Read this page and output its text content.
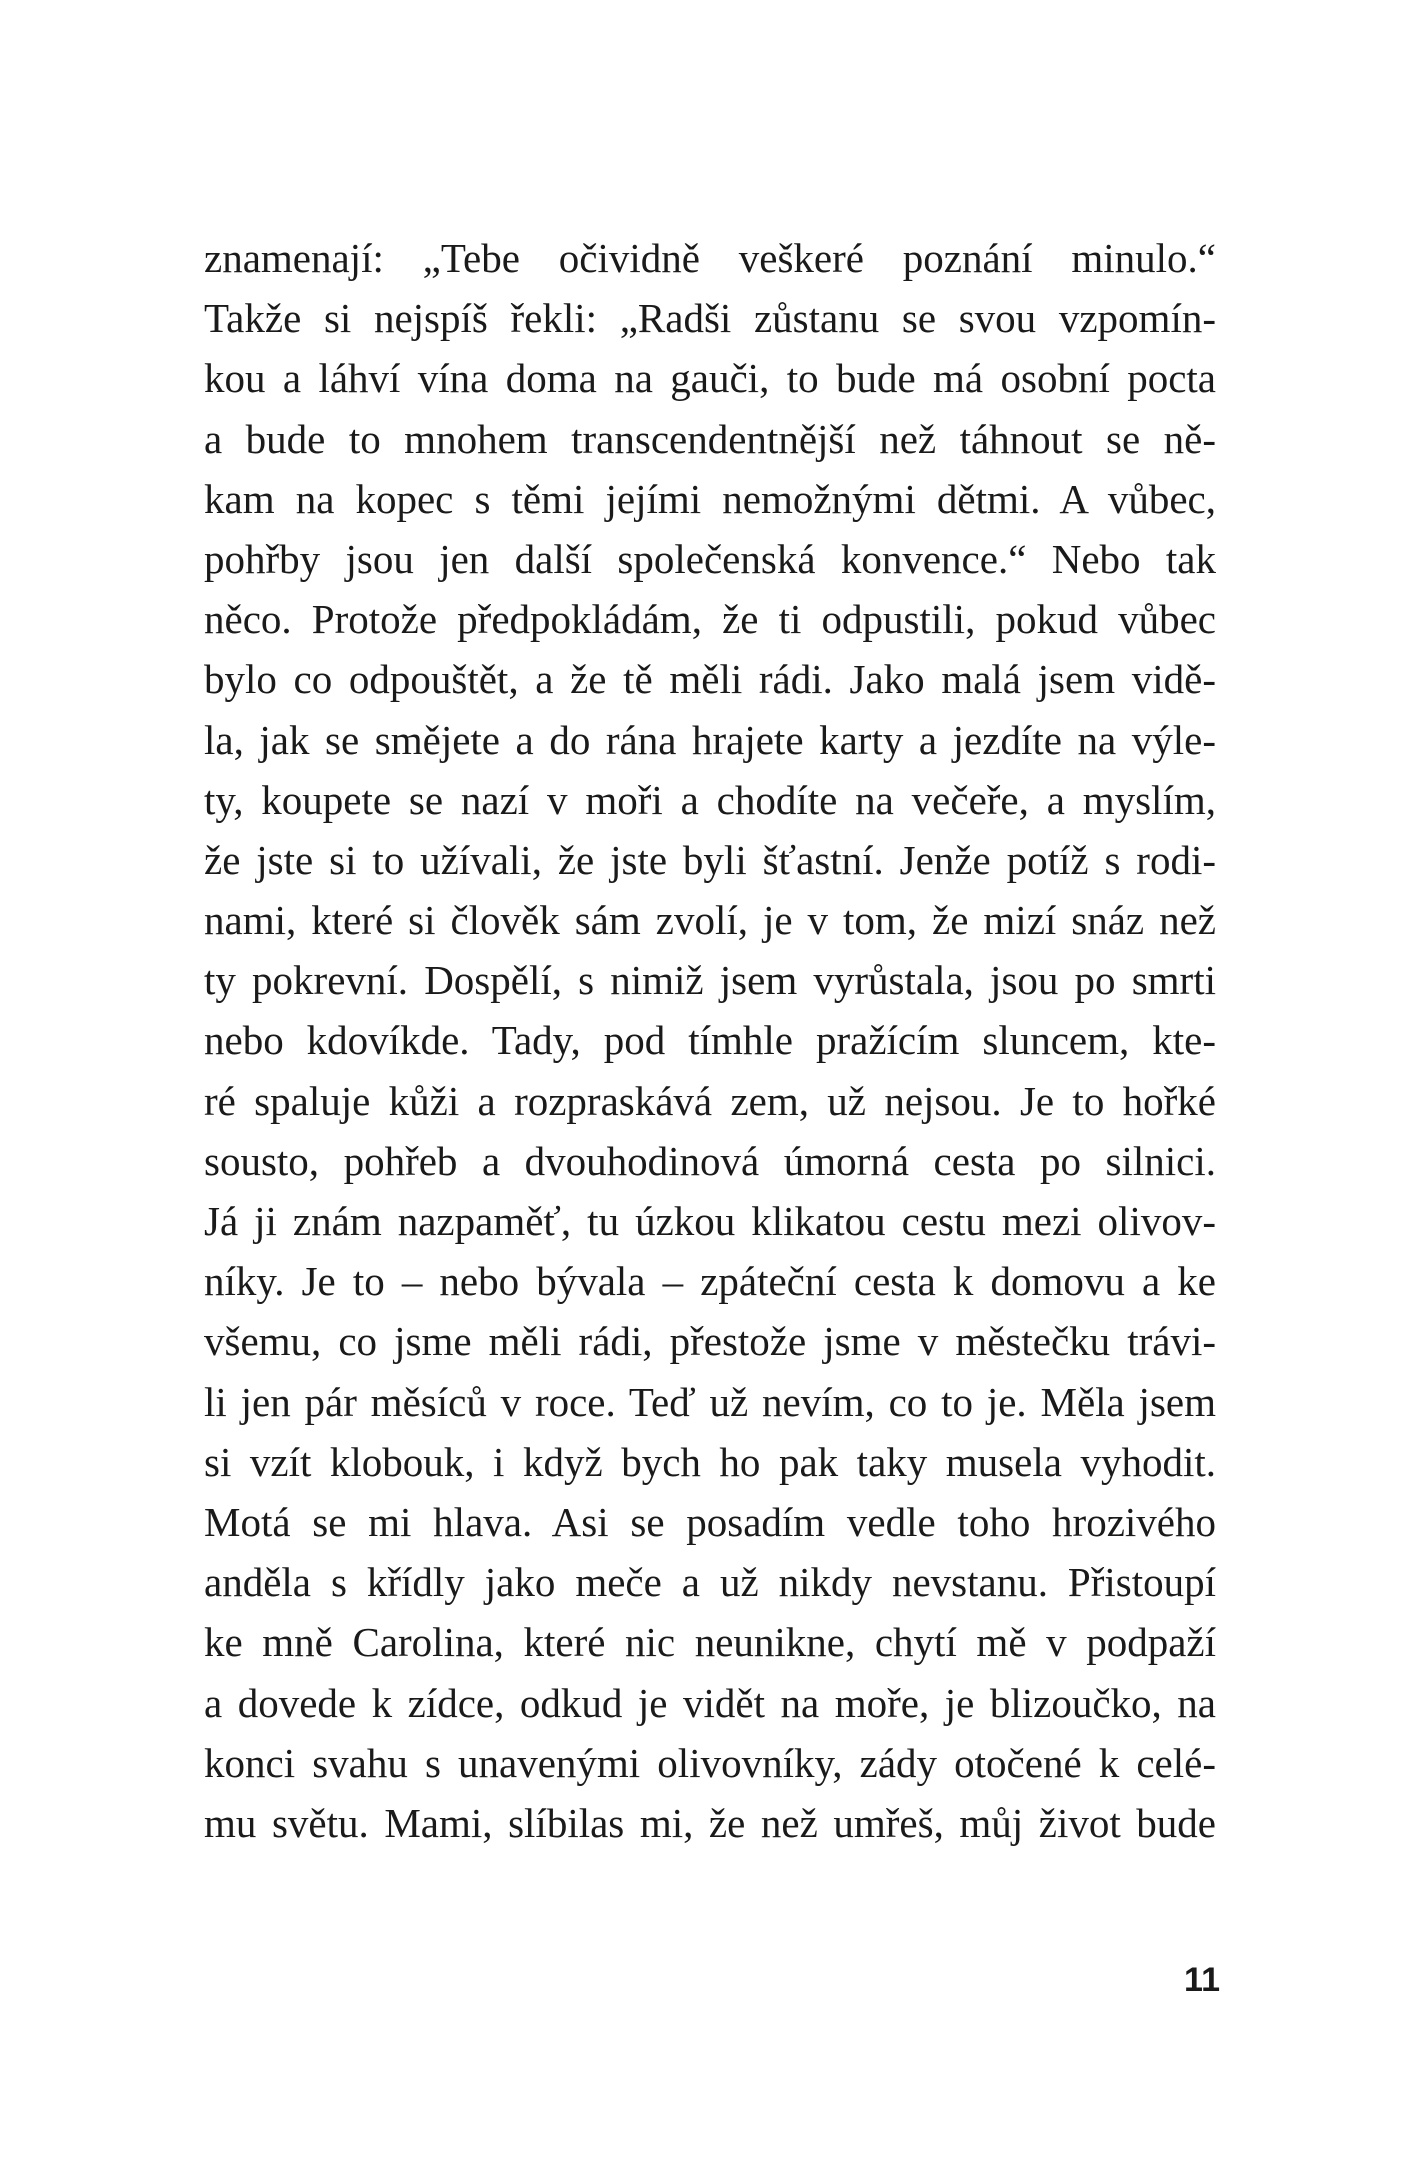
znamenají: „Tebe očividně veškeré poznání minulo.“
Takže si nejspíš řekli: „Radši zůstanu se svou vzpomín-
kou a láhví vína doma na gauči, to bude má osobní pocta
a bude to mnohem transcendentnější než táhnout se ně-
kam na kopec s těmi jejími nemožnými dětmi. A vůbec,
pohřby jsou jen další společenská konvence.“ Nebo tak
něco. Protože předpokládám, že ti odpustili, pokud vůbec
bylo co odpouštět, a že tě měli rádi. Jako malá jsem vidě-
la, jak se smějete a do rána hrajete karty a jezdíte na výle-
ty, koupete se nazí v moři a chodíte na večeře, a myslím,
že jste si to užívali, že jste byli šťastní. Jenže potíž s rodi-
nami, které si člověk sám zvolí, je v tom, že mizí snáz než
ty pokrevní. Dospělí, s nimiž jsem vyrůstala, jsou po smrti
nebo kdovíkde. Tady, pod tímhle pražícím sluncem, kte-
ré spaluje kůži a rozpraskává zem, už nejsou. Je to hořké
sousto, pohřeb a dvouhodinová úmorná cesta po silnici.
Já ji znám nazpaměť, tu úzkou klikatou cestu mezi olivov-
níky. Je to – nebo bývala – zpáteční cesta k domovu a ke
všemu, co jsme měli rádi, přestože jsme v městečku trávi-
li jen pár měsíců v roce. Teď už nevím, co to je. Měla jsem
si vzít klobouk, i když bych ho pak taky musela vyhodit.
Motá se mi hlava. Asi se posadím vedle toho hrozivého
anděla s křídly jako meče a už nikdy nevstanu. Přistoupí
ke mně Carolina, které nic neunikne, chytí mě v podpaží
a dovede k zídce, odkud je vidět na moře, je blizoučko, na
konci svahu s unavenými olivovníky, zády otočené k celé-
mu světu. Mami, slíbilas mi, že než umřeš, můj život bude
11
